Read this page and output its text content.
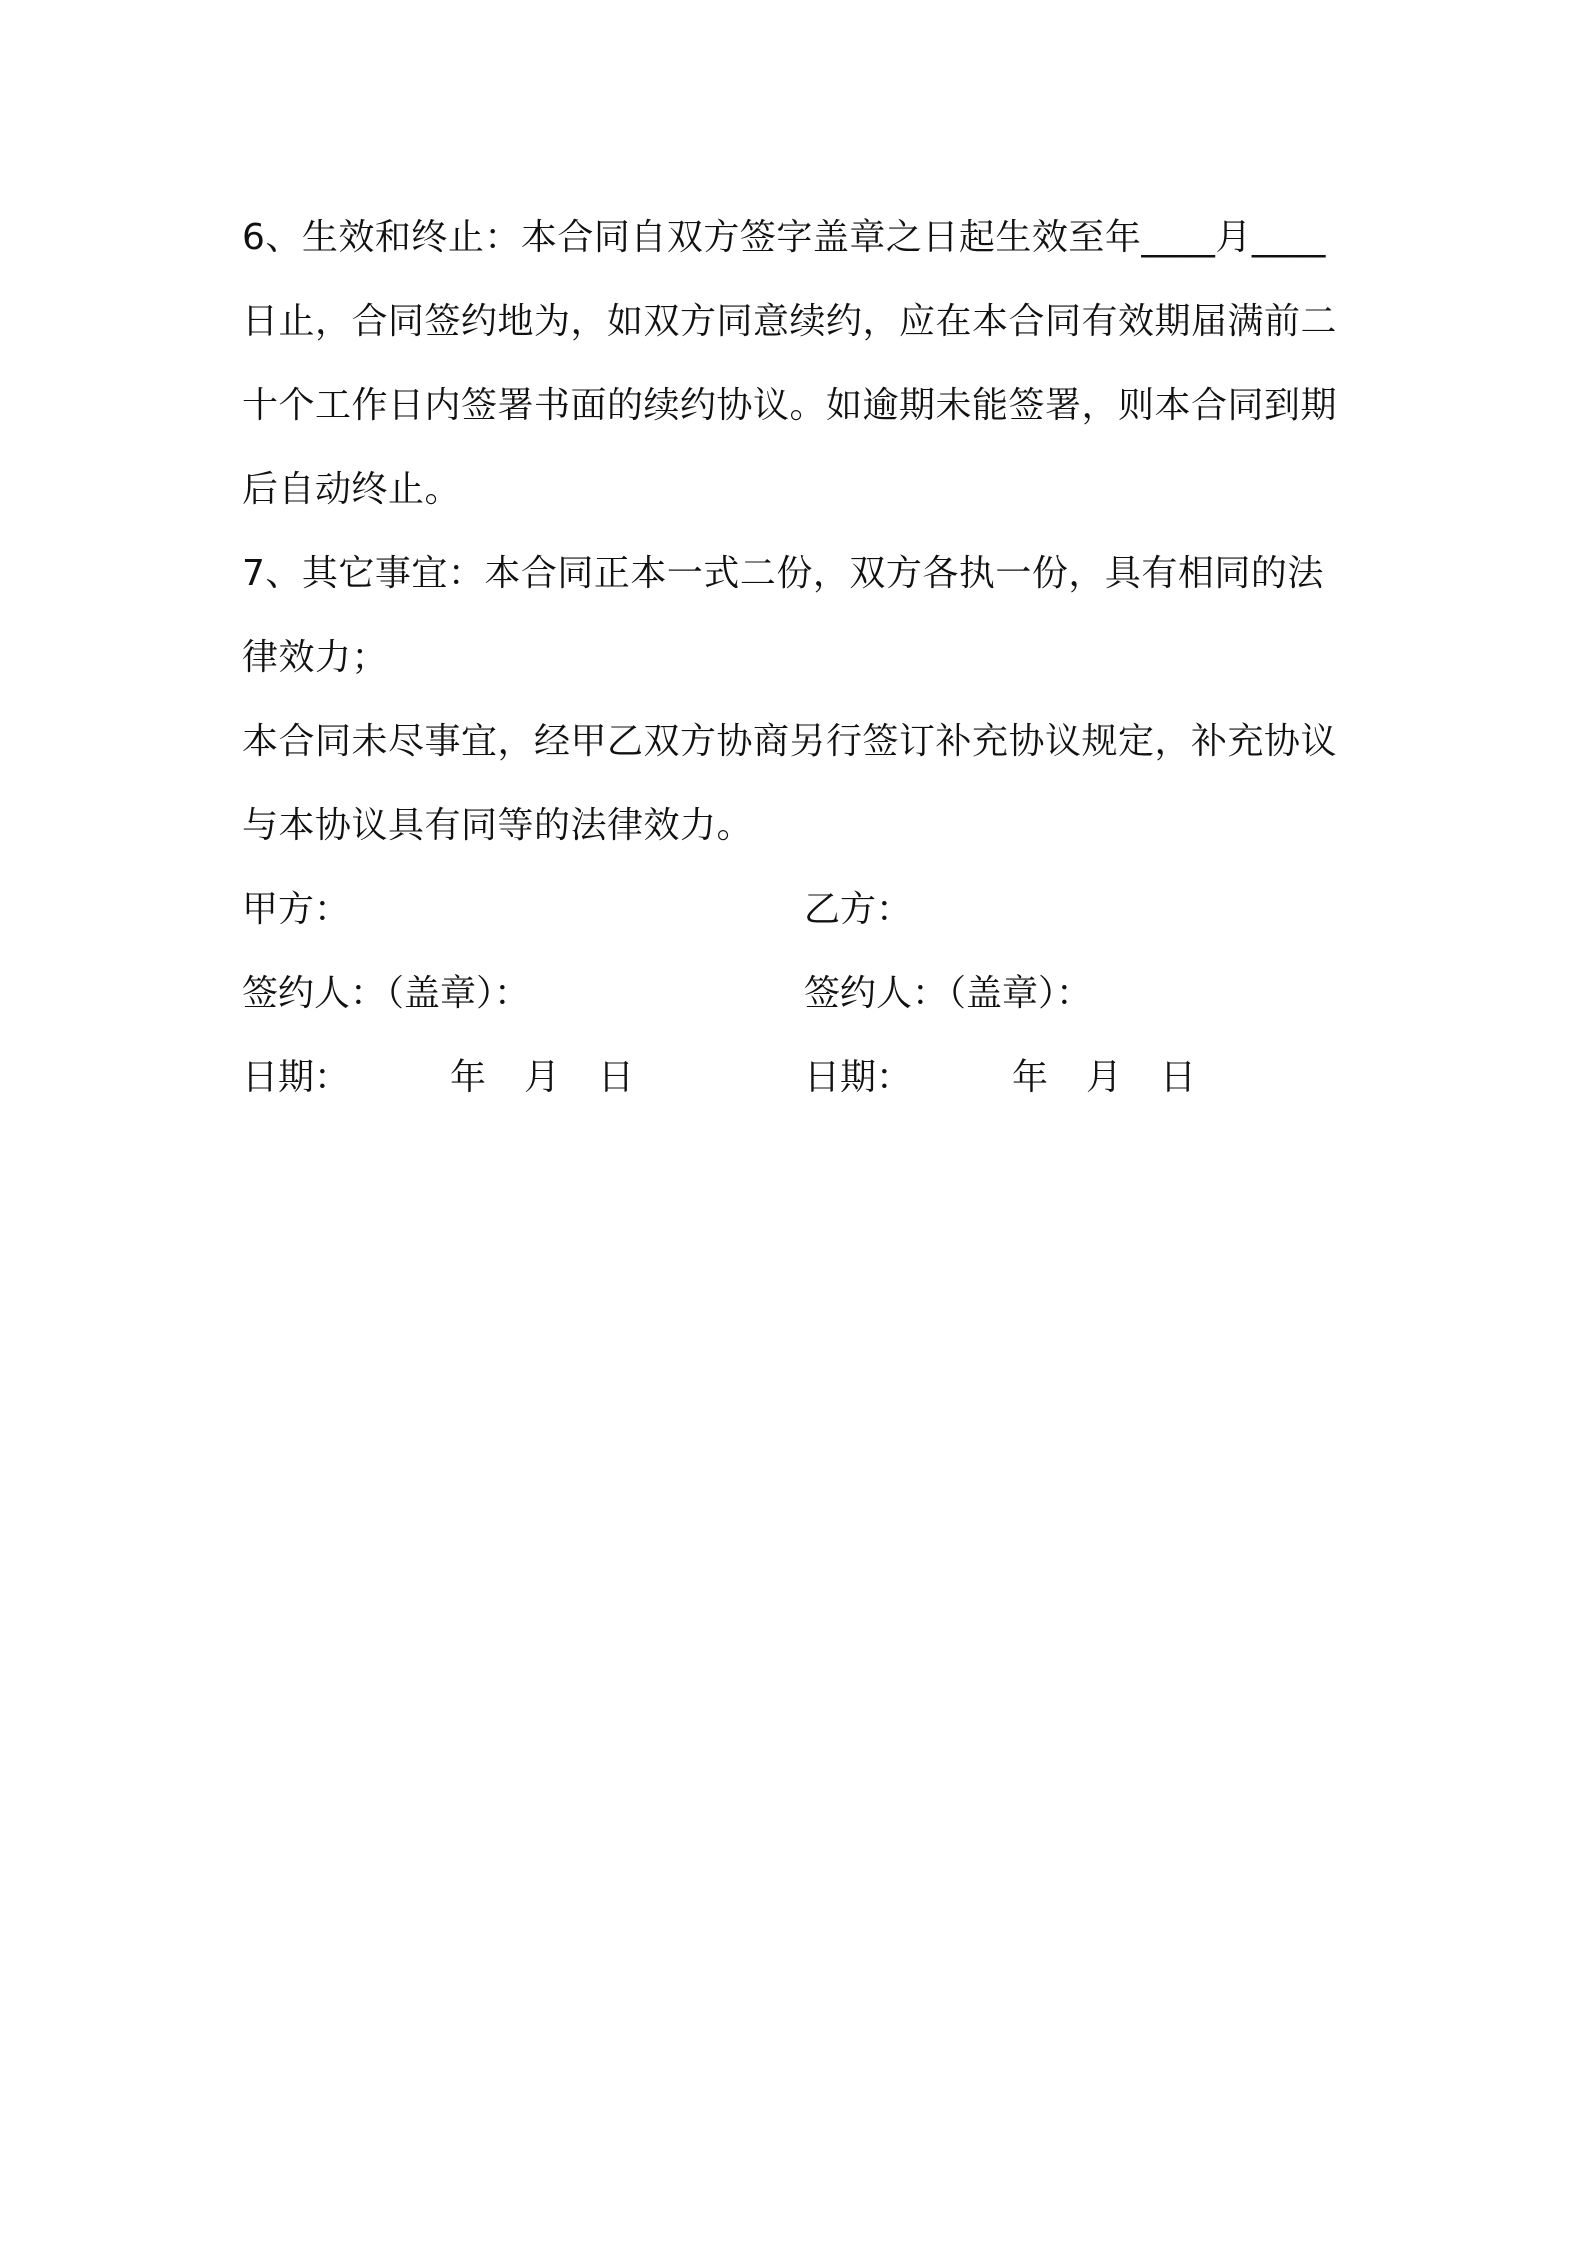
6、生效和终止：本合同自双方签字盖章之日起生效至年____月____
日止，合同签约地为，如双方同意续约，应在本合同有效期届满前二
十个工作日内签署书面的续约协议。如逾期未能签署，则本合同到期
后自动终止。
7、其它事宜：本合同正本一式二份，双方各执一份，具有相同的法
律效力；
本合同未尽事宜，经甲乙双方协商另行签订补充协议规定，补充协议
与本协议具有同等的法律效力。
甲方：	乙方：
签约人：（盖章）：	签约人：（盖章）：
日期：	年 月 日	日期：	年 月 日
